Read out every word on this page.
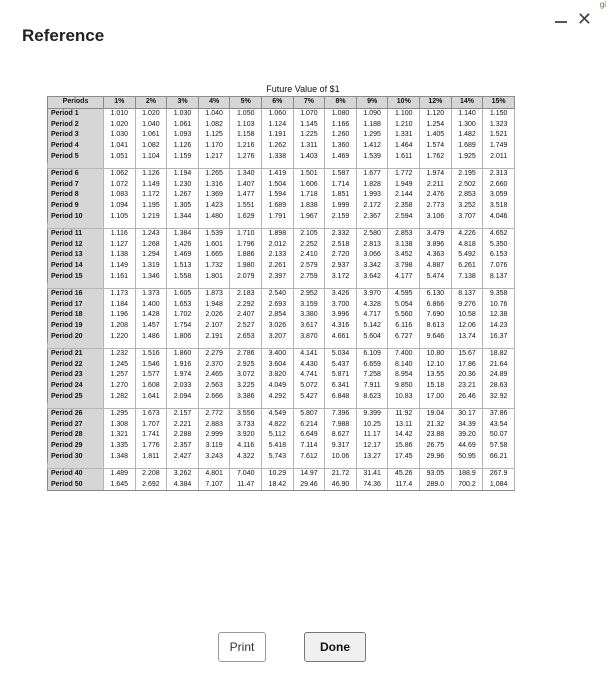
Reference
gi
✕
Future Value of $1
Periods	1%	2%	3%	4%	5%	6%	7%	8%	9%	10%	12%	14%	15%
Period 1	1.010	1.020	1.030	1.040	1.050	1.060	1.070	1.080	1.090	1.100	1.120	1.140	1.150
Period 2	1.020	1.040	1.061	1.082	1.103	1.124	1.145	1.166	1.188	1.210	1.254	1.300	1.323
Period 3	1.030	1.061	1.093	1.125	1.158	1.191	1.225	1.260	1.295	1.331	1.405	1.482	1.521
Period 4	1.041	1.082	1.126	1.170	1.216	1.262	1.311	1.360	1.412	1.464	1.574	1.689	1.749
Period 5	1.051	1.104	1.159	1.217	1.276	1.338	1.403	1.469	1.539	1.611	1.762	1.925	2.011

Period 6	1.062	1.126	1.194	1.265	1.340	1.419	1.501	1.587	1.677	1.772	1.974	2.195	2.313
Period 7	1.072	1.149	1.230	1.316	1.407	1.504	1.606	1.714	1.828	1.949	2.211	2.502	2.660
Period 8	1.083	1.172	1.267	1.369	1.477	1.594	1.718	1.851	1.993	2.144	2.476	2.853	3.059
Period 9	1.094	1.195	1.305	1.423	1.551	1.689	1.838	1.999	2.172	2.358	2.773	3.252	3.518
Period 10	1.105	1.219	1.344	1.480	1.629	1.791	1.967	2.159	2.367	2.594	3.106	3.707	4.046

Period 11	1.116	1.243	1.384	1.539	1.710	1.898	2.105	2.332	2.580	2.853	3.479	4.226	4.652
Period 12	1.127	1.268	1.426	1.601	1.796	2.012	2.252	2.518	2.813	3.138	3.896	4.818	5.350
Period 13	1.138	1.294	1.469	1.665	1.886	2.133	2.410	2.720	3.066	3.452	4.363	5.492	6.153
Period 14	1.149	1.319	1.513	1.732	1.980	2.261	2.579	2.937	3.342	3.798	4.887	6.261	7.076
Period 15	1.161	1.346	1.558	1.801	2.079	2.397	2.759	3.172	3.642	4.177	5.474	7.138	8.137

Period 16	1.173	1.373	1.605	1.873	2.183	2.540	2.952	3.426	3.970	4.595	6.130	8.137	9.358
Period 17	1.184	1.400	1.653	1.948	2.292	2.693	3.159	3.700	4.328	5.054	6.866	9.276	10.76
Period 18	1.196	1.428	1.702	2.026	2.407	2.854	3.380	3.996	4.717	5.560	7.690	10.58	12.38
Period 19	1.208	1.457	1.754	2.107	2.527	3.026	3.617	4.316	5.142	6.116	8.613	12.06	14.23
Period 20	1.220	1.486	1.806	2.191	2.653	3.207	3.870	4.661	5.604	6.727	9.646	13.74	16.37

Period 21	1.232	1.516	1.860	2.279	2.786	3.400	4.141	5.034	6.109	7.400	10.80	15.67	18.82
Period 22	1.245	1.546	1.916	2.370	2.925	3.604	4.430	5.437	6.659	8.140	12.10	17.86	21.64
Period 23	1.257	1.577	1.974	2.465	3.072	3.820	4.741	5.871	7.258	8.954	13.55	20.36	24.89
Period 24	1.270	1.608	2.033	2.563	3.225	4.049	5.072	6.341	7.911	9.850	15.18	23.21	28.63
Period 25	1.282	1.641	2.094	2.666	3.386	4.292	5.427	6.848	8.623	10.83	17.00	26.46	32.92

Period 26	1.295	1.673	2.157	2.772	3.556	4.549	5.807	7.396	9.399	11.92	19.04	30.17	37.86
Period 27	1.308	1.707	2.221	2.883	3.733	4.822	6.214	7.988	10.25	13.11	21.32	34.39	43.54
Period 28	1.321	1.741	2.288	2.999	3.920	5.112	6.649	8.627	11.17	14.42	23.88	39.20	50.07
Period 29	1.335	1.776	2.357	3.119	4.116	5.418	7.114	9.317	12.17	15.86	26.75	44.69	57.58
Period 30	1.348	1.811	2.427	3.243	4.322	5.743	7.612	10.06	13.27	17.45	29.96	50.95	66.21

Period 40	1.489	2.208	3.262	4.801	7.040	10.29	14.97	21.72	31.41	45.26	93.05	188.9	267.9
Period 50	1.645	2.692	4.384	7.107	11.47	18.42	29.46	46.90	74.36	117.4	289.0	700.2	1,084
Print	Done
